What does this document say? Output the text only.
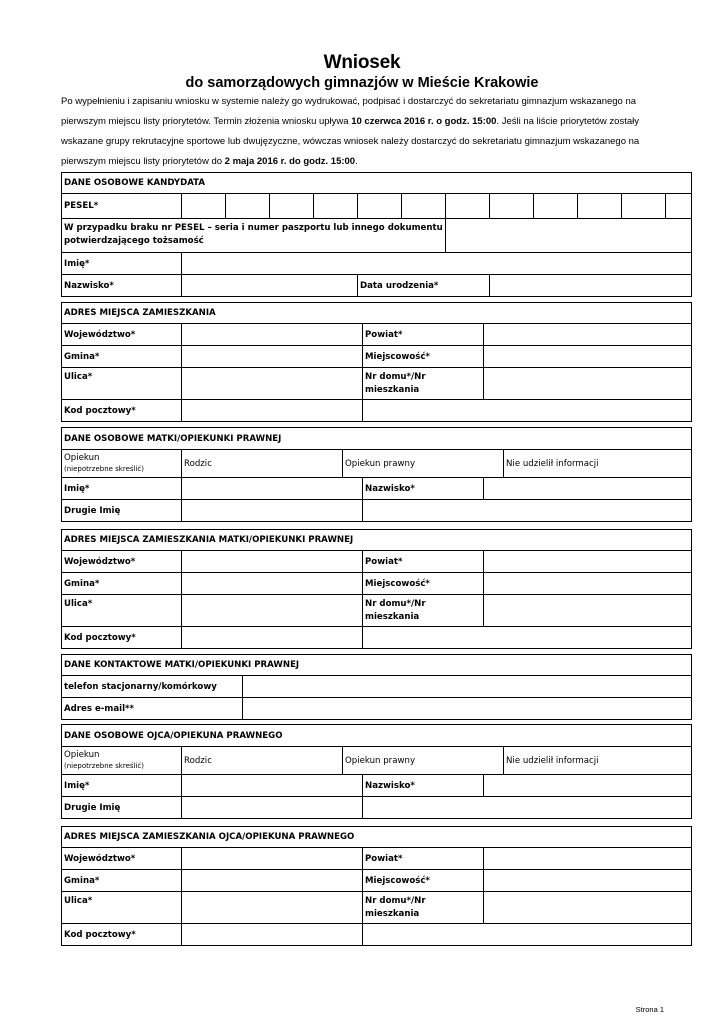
Wniosek
do samorządowych gimnazjów w Mieście Krakowie
Po wypełnieniu i zapisaniu wniosku w systemie należy go wydrukować, podpisać i dostarczyć do sekretariatu gimnazjum wskazanego na pierwszym miejscu listy priorytetów. Termin złożenia wniosku upływa 10 czerwca 2016 r. o godz. 15:00. Jeśli na liście priorytetów zostały wskazane grupy rekrutacyjne sportowe lub dwujęzyczne, wówczas wniosek należy dostarczyć do sekretariatu gimnazjum wskazanego na pierwszym miejscu listy priorytetów do 2 maja 2016 r. do godz. 15:00.
DANE OSOBOWE KANDYDATA												
PESEL*												
W przypadku braku nr PESEL – seria i numer paszportu lub innego dokumentu potwierdzającego tożsamość												
Imię*												
Nazwisko*					Data urodzenia*							
ADRES MIEJSCA ZAMIESZKANIA			
Województwo*		Powiat*	
Gmina*		Miejscowość*	
Ulica*		Nr domu*/Nr mieszkania	
Kod pocztowy*			
DANE OSOBOWE MATKI/OPIEKUNKI PRAWNEJ
Opiekun
(niepotrzebne skreślić)	Rodzic	Opiekun prawny	Nie udzielił informacji
Imię*		Nazwisko*	
Drugie Imię			
ADRES MIEJSCA ZAMIESZKANIA MATKI/OPIEKUNKI PRAWNEJ			
Województwo*		Powiat*	
Gmina*		Miejscowość*	
Ulica*		Nr domu*/Nr mieszkania	
Kod pocztowy*			
DANE KONTAKTOWE MATKI/OPIEKUNKI PRAWNEJ	
telefon stacjonarny/komórkowy	
Adres e-mail**	
DANE OSOBOWE OJCA/OPIEKUNA PRAWNEGO
Opiekun
(niepotrzebne skreślić)	Rodzic	Opiekun prawny	Nie udzielił informacji
Imię*		Nazwisko*	
Drugie Imię			
ADRES MIEJSCA ZAMIESZKANIA OJCA/OPIEKUNA PRAWNEGO			
Województwo*		Powiat*	
Gmina*		Miejscowość*	
Ulica*		Nr domu*/Nr mieszkania	
Kod pocztowy*			
Strona 1
